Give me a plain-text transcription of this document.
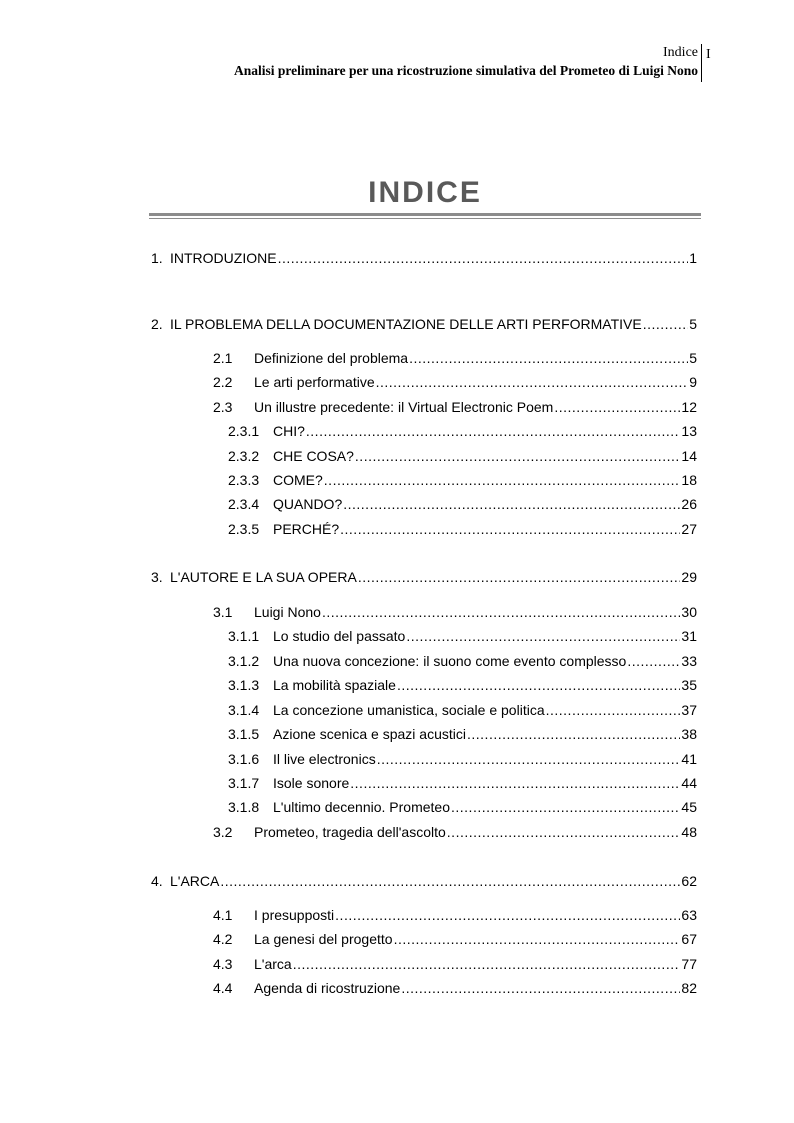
Indice
Analisi preliminare per una ricostruzione simulativa del Prometeo di Luigi Nono
I
INDICE
1. INTRODUZIONE .....	1
2. IL PROBLEMA DELLA DOCUMENTAZIONE DELLE ARTI PERFORMATIVE .....	5
2.1 Definizione del problema .....	5
2.2 Le arti performative .....	9
2.3 Un illustre precedente: il Virtual Electronic Poem .....	12
2.3.1 CHI? .....	13
2.3.2 CHE COSA? .....	14
2.3.3 COME? .....	18
2.3.4 QUANDO? .....	26
2.3.5 PERCHÉ? .....	27
3. L'AUTORE E LA SUA OPERA .....	29
3.1 Luigi Nono .....	30
3.1.1 Lo studio del passato .....	31
3.1.2 Una nuova concezione: il suono come evento complesso .....	33
3.1.3 La mobilità spaziale .....	35
3.1.4 La concezione umanistica, sociale e politica .....	37
3.1.5 Azione scenica e spazi acustici .....	38
3.1.6 Il live electronics .....	41
3.1.7 Isole sonore .....	44
3.1.8 L'ultimo decennio. Prometeo .....	45
3.2 Prometeo, tragedia dell'ascolto .....	48
4. L'ARCA .....	62
4.1 I presupposti .....	63
4.2 La genesi del progetto .....	67
4.3 L'arca .....	77
4.4 Agenda di ricostruzione .....	82
